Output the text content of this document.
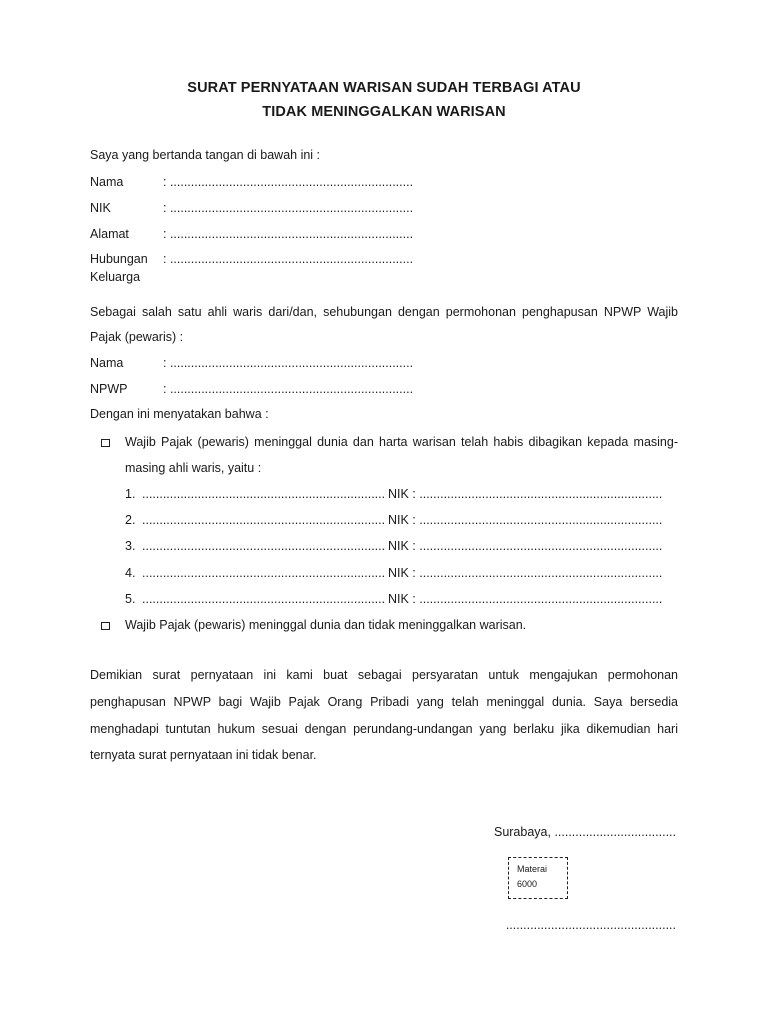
SURAT PERNYATAAN WARISAN SUDAH TERBAGI ATAU
TIDAK MENINGGALKAN WARISAN
Saya yang bertanda tangan di bawah ini :
Nama	: ......................................................................
NIK	: ......................................................................
Alamat	: ......................................................................
Hubungan
Keluarga
: ......................................................................
Sebagai salah satu ahli waris dari/dan, sehubungan dengan permohonan penghapusan NPWP Wajib
Pajak (pewaris) :
Nama	: ......................................................................
NPWP	: ......................................................................
Dengan ini menyatakan bahwa :
Wajib Pajak (pewaris) meninggal dunia dan harta warisan telah habis dibagikan kepada masing-
masing ahli waris, yaitu :
1. ...................................................................... NIK : ......................................................................
2. ...................................................................... NIK : ......................................................................
3. ...................................................................... NIK : ......................................................................
4. ...................................................................... NIK : ......................................................................
5. ...................................................................... NIK : ......................................................................
Wajib Pajak (pewaris) meninggal dunia dan tidak meninggalkan warisan.
Demikian surat pernyataan ini kami buat sebagai persyaratan untuk mengajukan permohonan
penghapusan NPWP bagi Wajib Pajak Orang Pribadi yang telah meninggal dunia. Saya bersedia
menghadapi tuntutan hukum sesuai dengan perundang-undangan yang berlaku jika dikemudian hari
ternyata surat pernyataan ini tidak benar.
Surabaya, ...................................
Materai
6000
.................................................
